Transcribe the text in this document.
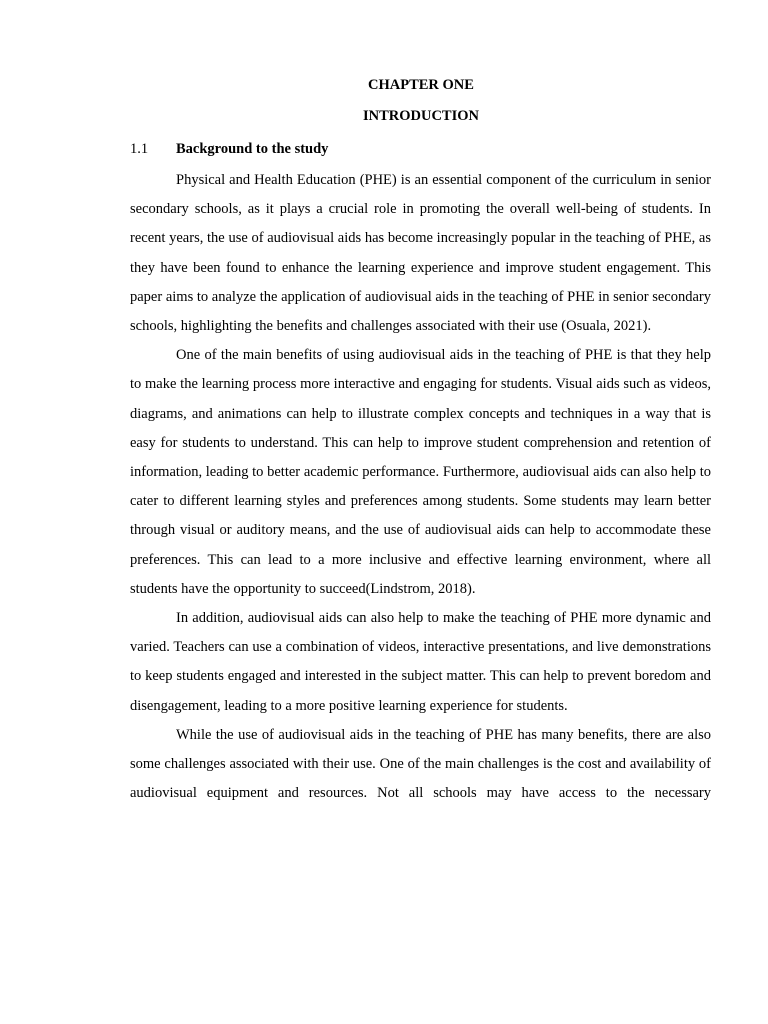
CHAPTER ONE
INTRODUCTION
1.1 Background to the study

Physical and Health Education (PHE) is an essential component of the curriculum in senior secondary schools, as it plays a crucial role in promoting the overall well-being of students. In recent years, the use of audiovisual aids has become increasingly popular in the teaching of PHE, as they have been found to enhance the learning experience and improve student engagement. This paper aims to analyze the application of audiovisual aids in the teaching of PHE in senior secondary schools, highlighting the benefits and challenges associated with their use (Osuala, 2021).

One of the main benefits of using audiovisual aids in the teaching of PHE is that they help to make the learning process more interactive and engaging for students. Visual aids such as videos, diagrams, and animations can help to illustrate complex concepts and techniques in a way that is easy for students to understand. This can help to improve student comprehension and retention of information, leading to better academic performance. Furthermore, audiovisual aids can also help to cater to different learning styles and preferences among students. Some students may learn better through visual or auditory means, and the use of audiovisual aids can help to accommodate these preferences. This can lead to a more inclusive and effective learning environment, where all students have the opportunity to succeed(Lindstrom, 2018).

In addition, audiovisual aids can also help to make the teaching of PHE more dynamic and varied. Teachers can use a combination of videos, interactive presentations, and live demonstrations to keep students engaged and interested in the subject matter. This can help to prevent boredom and disengagement, leading to a more positive learning experience for students.

While the use of audiovisual aids in the teaching of PHE has many benefits, there are also some challenges associated with their use. One of the main challenges is the cost and availability of audiovisual equipment and resources. Not all schools may have access to the necessary
